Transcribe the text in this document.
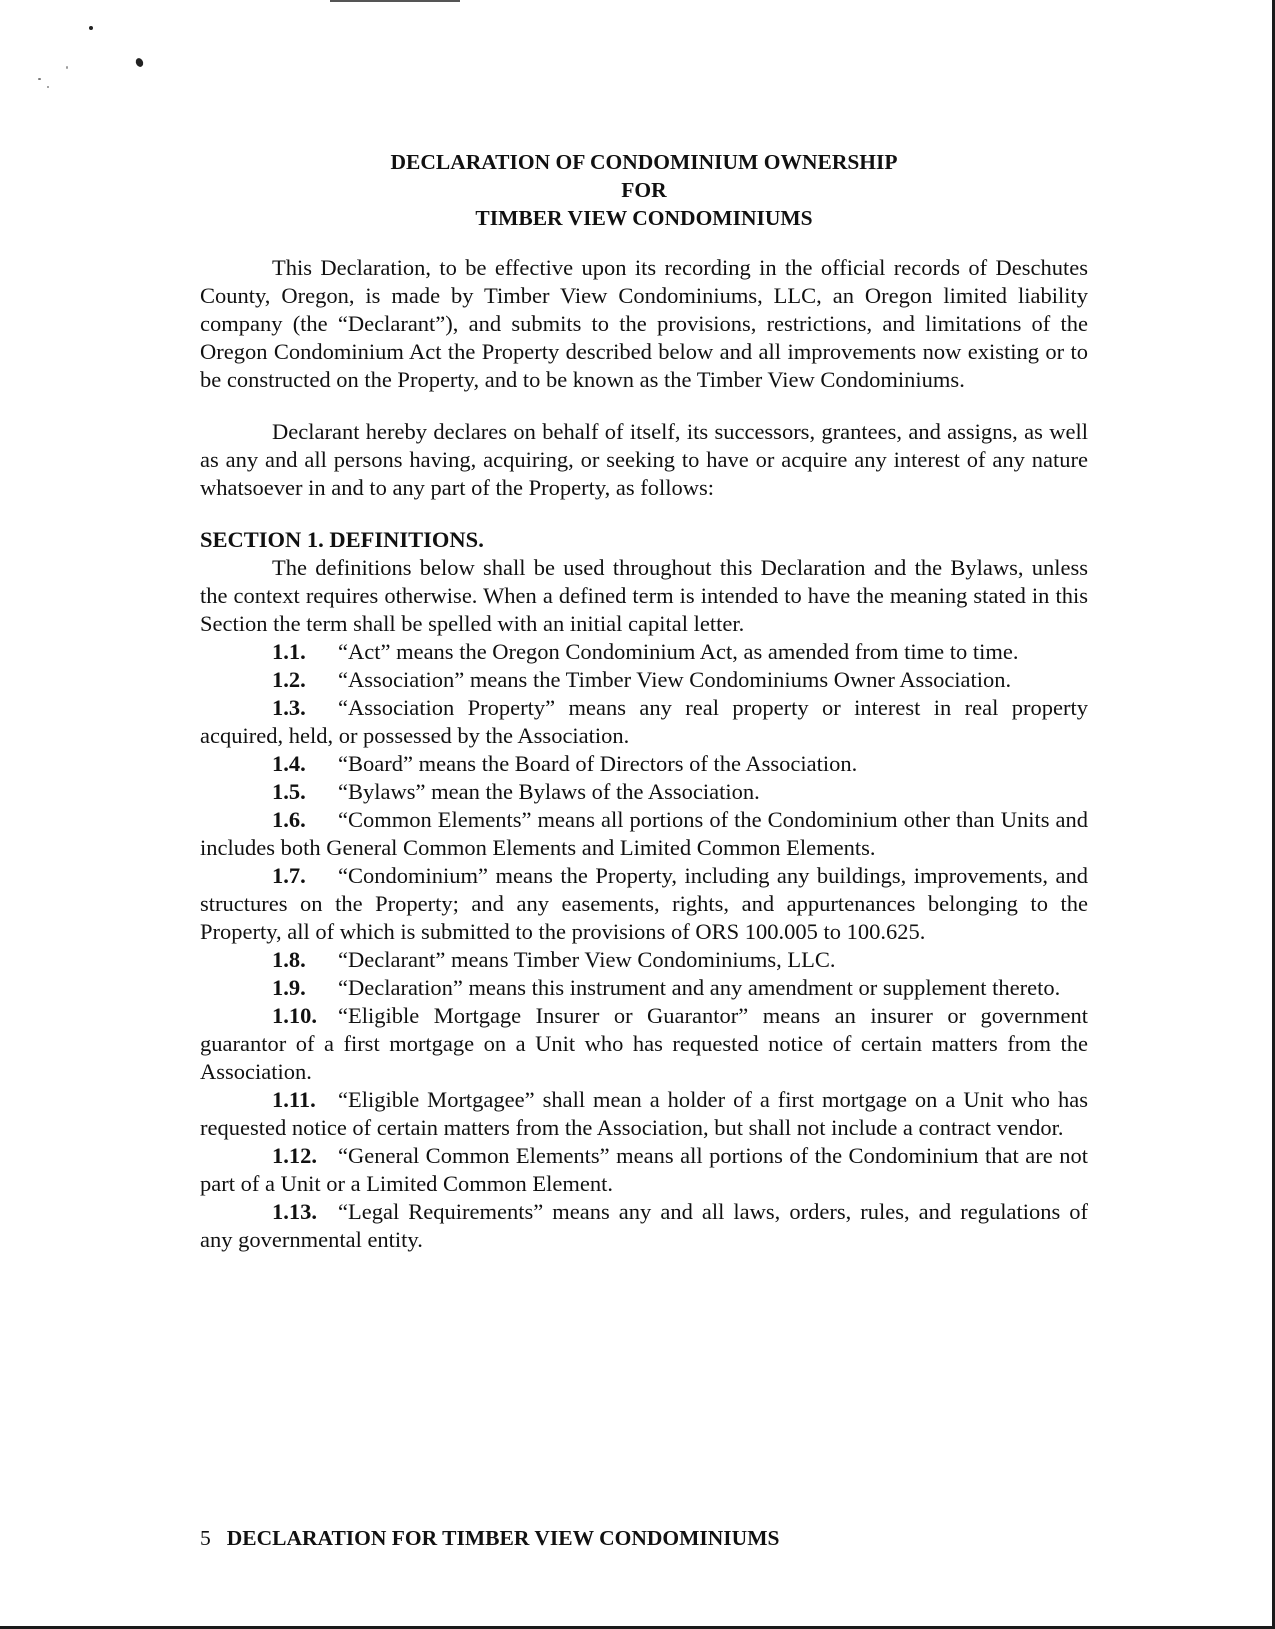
DECLARATION OF CONDOMINIUM OWNERSHIP
FOR
TIMBER VIEW CONDOMINIUMS

This Declaration, to be effective upon its recording in the official records of Deschutes County, Oregon, is made by Timber View Condominiums, LLC, an Oregon limited liability company (the “Declarant”), and submits to the provisions, restrictions, and limitations of the Oregon Condominium Act the Property described below and all improvements now existing or to be constructed on the Property, and to be known as the Timber View Condominiums.

Declarant hereby declares on behalf of itself, its successors, grantees, and assigns, as well as any and all persons having, acquiring, or seeking to have or acquire any interest of any nature whatsoever in and to any part of the Property, as follows:

SECTION 1. DEFINITIONS.

The definitions below shall be used throughout this Declaration and the Bylaws, unless the context requires otherwise. When a defined term is intended to have the meaning stated in this Section the term shall be spelled with an initial capital letter.

1.1. “Act” means the Oregon Condominium Act, as amended from time to time.

1.2. “Association” means the Timber View Condominiums Owner Association.

1.3. “Association Property” means any real property or interest in real property acquired, held, or possessed by the Association.

1.4. “Board” means the Board of Directors of the Association.

1.5. “Bylaws” mean the Bylaws of the Association.

1.6. “Common Elements” means all portions of the Condominium other than Units and includes both General Common Elements and Limited Common Elements.

1.7. “Condominium” means the Property, including any buildings, improvements, and structures on the Property; and any easements, rights, and appurtenances belonging to the Property, all of which is submitted to the provisions of ORS 100.005 to 100.625.

1.8. “Declarant” means Timber View Condominiums, LLC.

1.9. “Declaration” means this instrument and any amendment or supplement thereto.

1.10. “Eligible Mortgage Insurer or Guarantor” means an insurer or government guarantor of a first mortgage on a Unit who has requested notice of certain matters from the Association.

1.11. “Eligible Mortgagee” shall mean a holder of a first mortgage on a Unit who has requested notice of certain matters from the Association, but shall not include a contract vendor.

1.12. “General Common Elements” means all portions of the Condominium that are not part of a Unit or a Limited Common Element.

1.13. “Legal Requirements” means any and all laws, orders, rules, and regulations of any governmental entity.

5 DECLARATION FOR TIMBER VIEW CONDOMINIUMS
